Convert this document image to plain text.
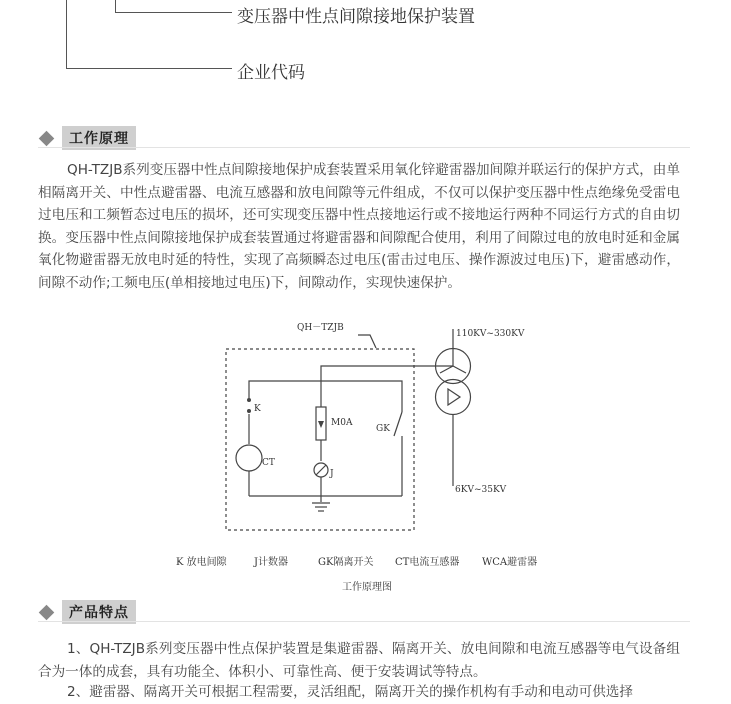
变压器中性点间隙接地保护装置
企业代码
工作原理

QH-TZJB系列变压器中性点间隙接地保护成套装置采用氧化锌避雷器加间隙并联运行的保护方式，由单相隔离开关、中性点避雷器、电流互感器和放电间隙等元件组成，不仅可以保护变压器中性点绝缘免受雷电过电压和工频暂态过电压的损坏，还可实现变压器中性点接地运行或不接地运行两种不同运行方式的自由切换。变压器中性点间隙接地保护成套装置通过将避雷器和间隙配合使用，利用了间隙过电的放电时延和金属氧化物避雷器无放电时延的特性，实现了高频瞬态过电压(雷击过电压、操作源波过电压)下，避雷感动作，间隙不动作;工频电压(单相接地过电压)下，间隙动作，实现快速保护。

QH－TZJB
110KV~330KV
K
CT
M0A
J
GK
6KV~35KV
K 放电间隙	J计数器	GK隔离开关 CT电流互感器 WCA避雷器
工作原理图
产品特点

1、QH-TZJB系列变压器中性点保护装置是集避雷器、隔离开关、放电间隙和电流互感器等电气设备组合为一体的成套，具有功能全、体积小、可靠性高、便于安装调试等特点。

2、避雷器、隔离开关可根据工程需要，灵活组配，隔离开关的操作机构有手动和电动可供选择
